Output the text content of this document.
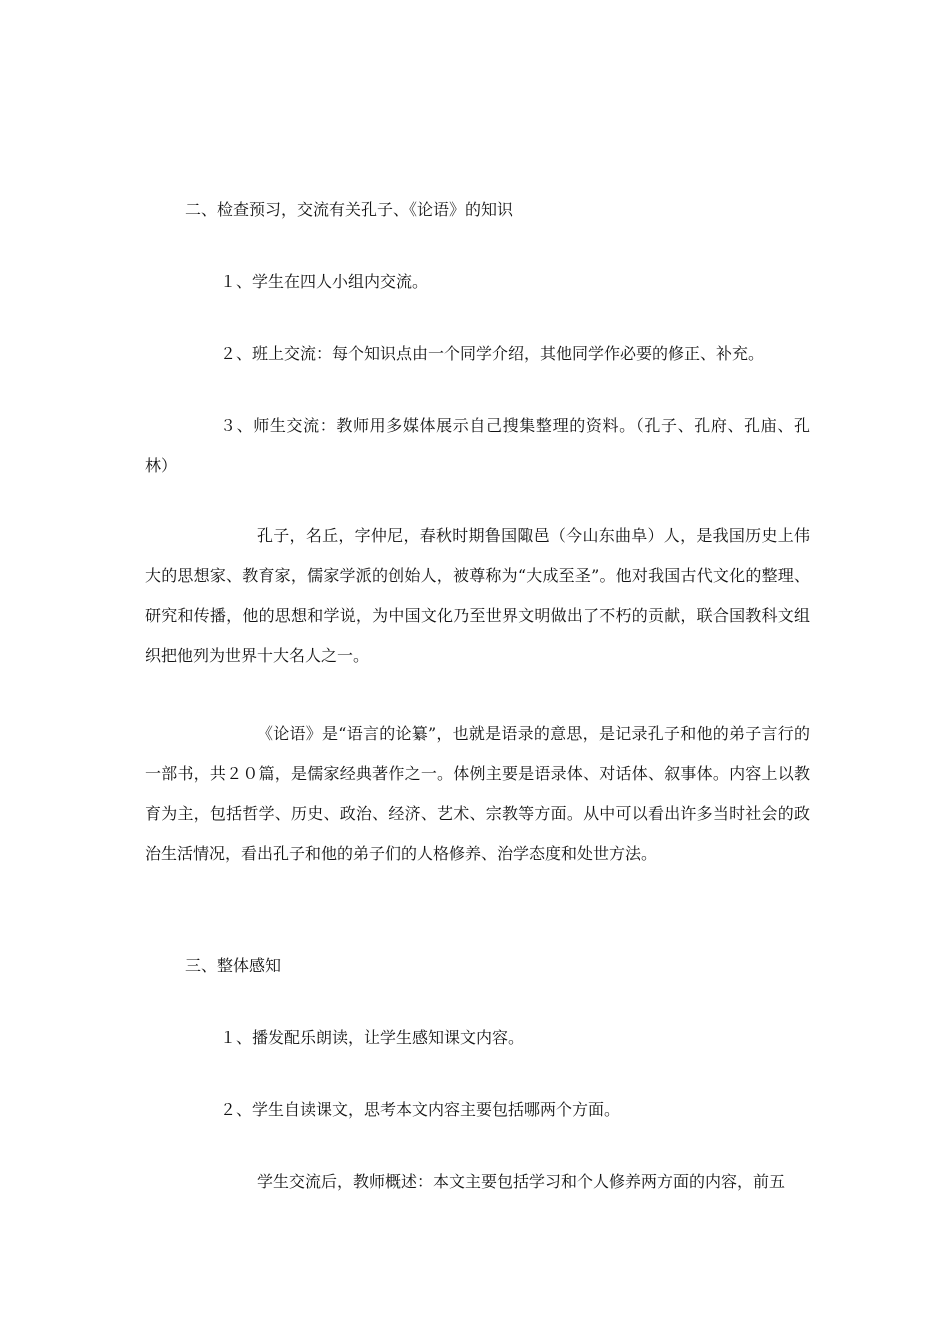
二、检查预习，交流有关孔子、《论语》的知识

１、学生在四人小组内交流。

２、班上交流：每个知识点由一个同学介绍，其他同学作必要的修正、补充。

３、师生交流：教师用多媒体展示自己搜集整理的资料。（孔子、孔府、孔庙、孔林）

孔子，名丘，字仲尼，春秋时期鲁国陬邑（今山东曲阜）人，是我国历史上伟大的思想家、教育家，儒家学派的创始人，被尊称为“大成至圣”。他对我国古代文化的整理、研究和传播，他的思想和学说，为中国文化乃至世界文明做出了不朽的贡献，联合国教科文组织把他列为世界十大名人之一。

《论语》是“语言的论纂”，也就是语录的意思，是记录孔子和他的弟子言行的一部书，共２０篇，是儒家经典著作之一。体例主要是语录体、对话体、叙事体。内容上以教育为主，包括哲学、历史、政治、经济、艺术、宗教等方面。从中可以看出许多当时社会的政治生活情况，看出孔子和他的弟子们的人格修养、治学态度和处世方法。

三、整体感知

１、播发配乐朗读，让学生感知课文内容。

２、学生自读课文，思考本文内容主要包括哪两个方面。

学生交流后，教师概述：本文主要包括学习和个人修养两方面的内容，前五
